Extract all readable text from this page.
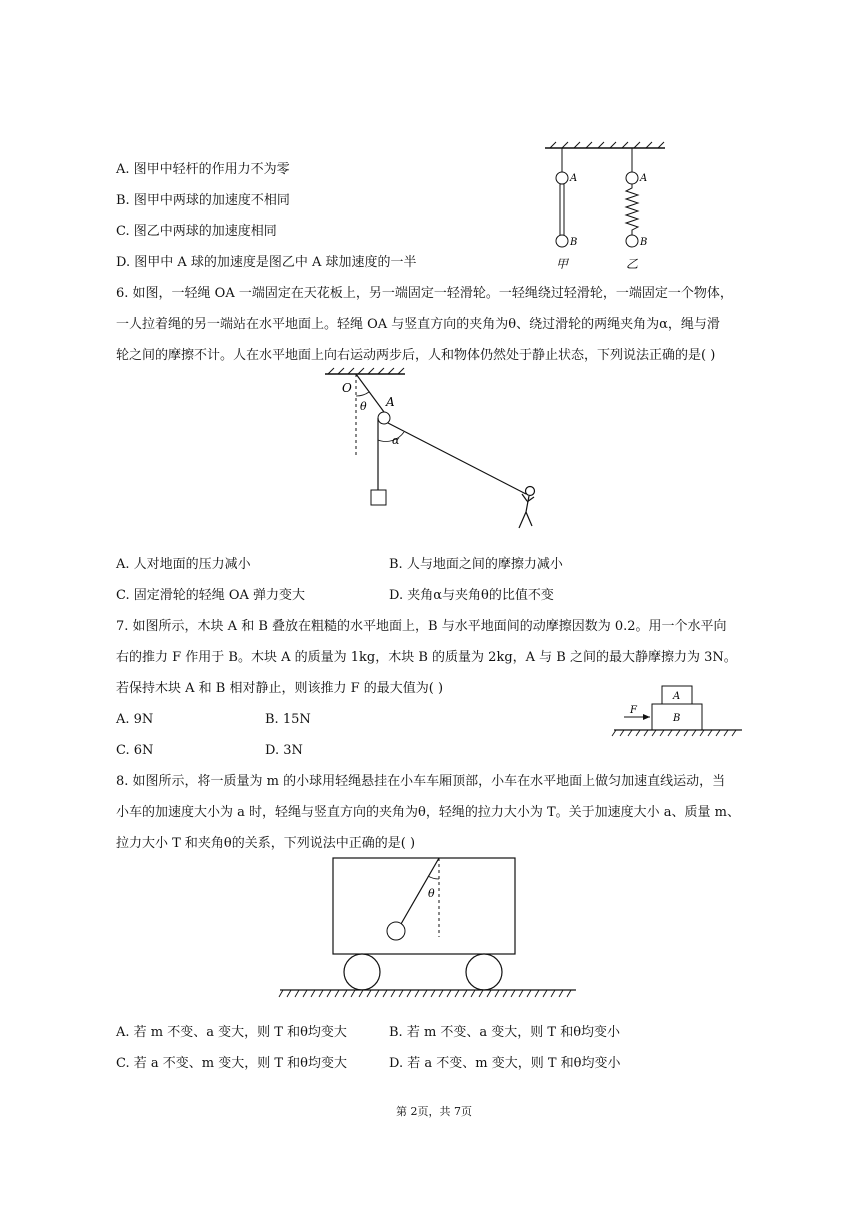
A. 图甲中轻杆的作用力不为零
B. 图甲中两球的加速度不相同
C. 图乙中两球的加速度相同
D. 图甲中 A 球的加速度是图乙中 A 球加速度的一半
A
B
A
B
甲	乙
6. 如图，一轻绳 OA 一端固定在天花板上，另一端固定一轻滑轮。一轻绳绕过轻滑轮，一端固定一个物体，
一人拉着绳的另一端站在水平地面上。轻绳 OA 与竖直方向的夹角为θ、绕过滑轮的两绳夹角为α，绳与滑
轮之间的摩擦不计。人在水平地面上向右运动两步后，人和物体仍然处于静止状态，下列说法正确的是( )
O
θ A
α
A. 人对地面的压力减小	B. 人与地面之间的摩擦力减小
C. 固定滑轮的轻绳 OA 弹力变大	D. 夹角α与夹角θ的比值不变
7. 如图所示，木块 A 和 B 叠放在粗糙的水平地面上，B 与水平地面间的动摩擦因数为 0.2。用一个水平向
右的推力 F 作用于 B。木块 A 的质量为 1kg，木块 B 的质量为 2kg，A 与 B 之间的最大静摩擦力为 3N。
若保持木块 A 和 B 相对静止，则该推力 F 的最大值为( )
A. 9N	B. 15N
C. 6N	D. 3N
A
B
F
8. 如图所示，将一质量为 m 的小球用轻绳悬挂在小车车厢顶部，小车在水平地面上做匀加速直线运动，当
小车的加速度大小为 a 时，轻绳与竖直方向的夹角为θ，轻绳的拉力大小为 T。关于加速度大小 a、质量 m、
拉力大小 T 和夹角θ的关系，下列说法中正确的是( )
θ
A. 若 m 不变、a 变大，则 T 和θ均变大	B. 若 m 不变、a 变大，则 T 和θ均变小
C. 若 a 不变、m 变大，则 T 和θ均变大	D. 若 a 不变、m 变大，则 T 和θ均变小
第 2页，共 7页
